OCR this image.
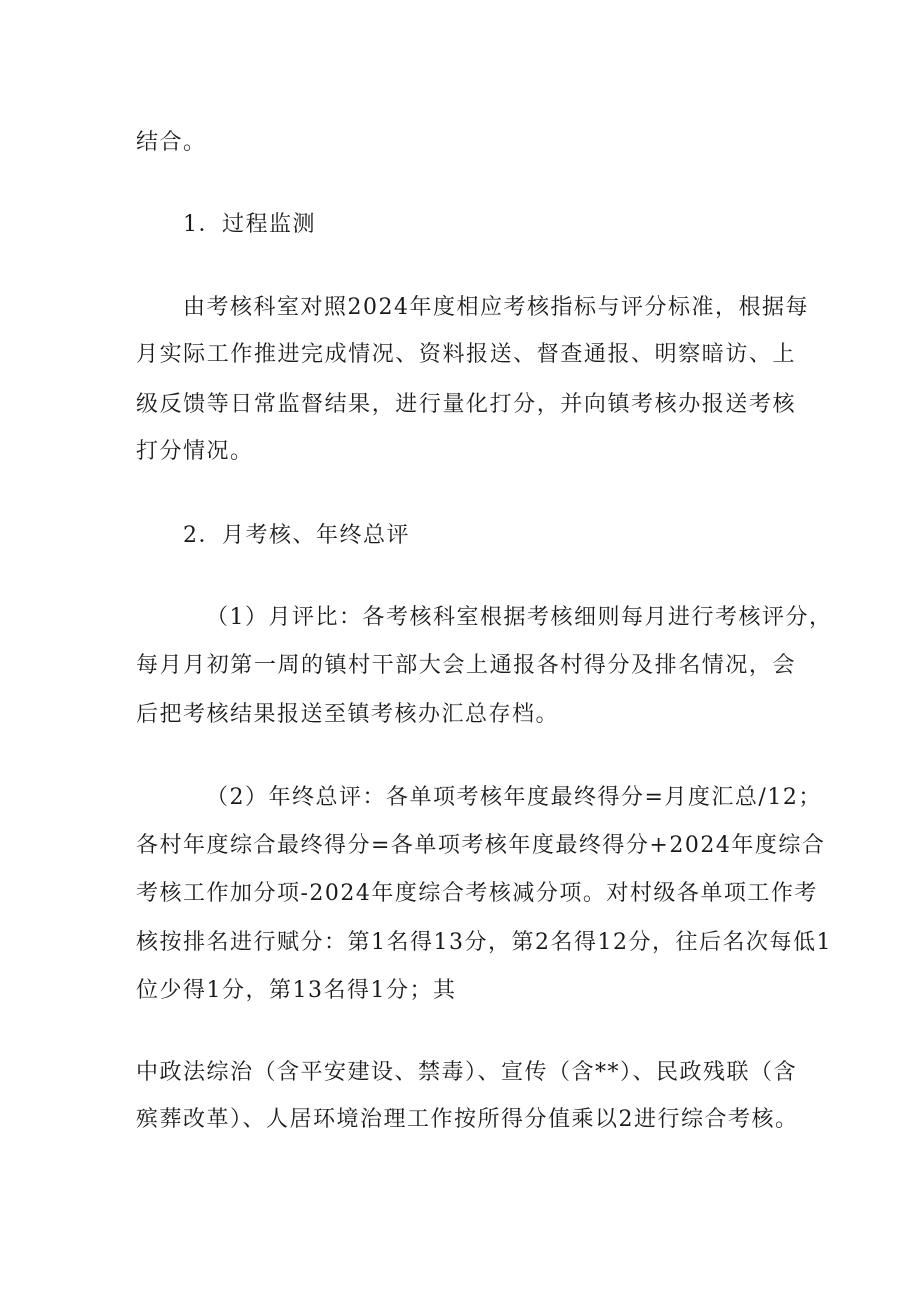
结合。
1．过程监测
由考核科室对照2024年度相应考核指标与评分标准，根据每
月实际工作推进完成情况、资料报送、督查通报、明察暗访、上
级反馈等日常监督结果，进行量化打分，并向镇考核办报送考核
打分情况。
2．月考核、年终总评
（1）月评比：各考核科室根据考核细则每月进行考核评分，
每月月初第一周的镇村干部大会上通报各村得分及排名情况，会
后把考核结果报送至镇考核办汇总存档。
（2）年终总评：各单项考核年度最终得分=月度汇总/12；
各村年度综合最终得分=各单项考核年度最终得分+2024年度综合
考核工作加分项-2024年度综合考核减分项。对村级各单项工作考
核按排名进行赋分：第1名得13分，第2名得12分，往后名次每低1
位少得1分，第13名得1分；其
中政法综治（含平安建设、禁毒）、宣传（含**）、民政残联（含
殡葬改革）、人居环境治理工作按所得分值乘以2进行综合考核。
